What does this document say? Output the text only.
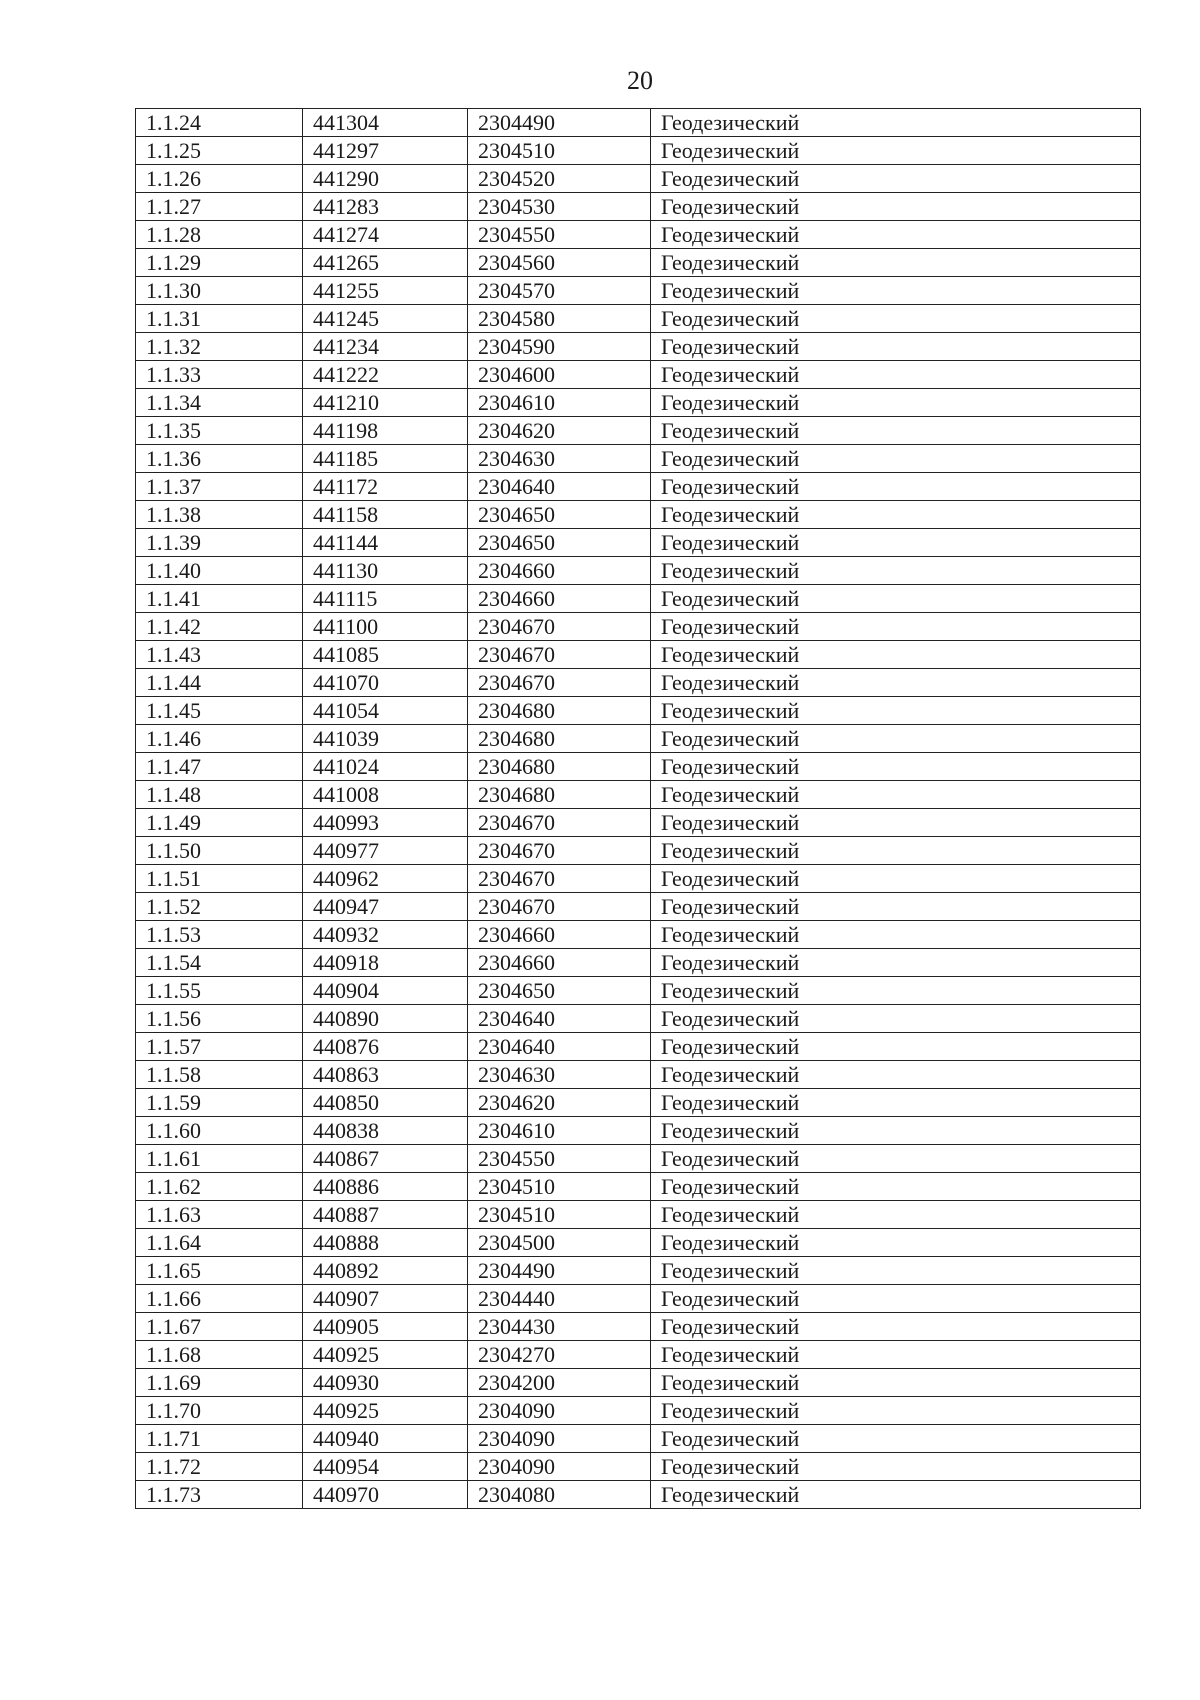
20
1.1.24	441304	2304490	Геодезический
1.1.25	441297	2304510	Геодезический
1.1.26	441290	2304520	Геодезический
1.1.27	441283	2304530	Геодезический
1.1.28	441274	2304550	Геодезический
1.1.29	441265	2304560	Геодезический
1.1.30	441255	2304570	Геодезический
1.1.31	441245	2304580	Геодезический
1.1.32	441234	2304590	Геодезический
1.1.33	441222	2304600	Геодезический
1.1.34	441210	2304610	Геодезический
1.1.35	441198	2304620	Геодезический
1.1.36	441185	2304630	Геодезический
1.1.37	441172	2304640	Геодезический
1.1.38	441158	2304650	Геодезический
1.1.39	441144	2304650	Геодезический
1.1.40	441130	2304660	Геодезический
1.1.41	441115	2304660	Геодезический
1.1.42	441100	2304670	Геодезический
1.1.43	441085	2304670	Геодезический
1.1.44	441070	2304670	Геодезический
1.1.45	441054	2304680	Геодезический
1.1.46	441039	2304680	Геодезический
1.1.47	441024	2304680	Геодезический
1.1.48	441008	2304680	Геодезический
1.1.49	440993	2304670	Геодезический
1.1.50	440977	2304670	Геодезический
1.1.51	440962	2304670	Геодезический
1.1.52	440947	2304670	Геодезический
1.1.53	440932	2304660	Геодезический
1.1.54	440918	2304660	Геодезический
1.1.55	440904	2304650	Геодезический
1.1.56	440890	2304640	Геодезический
1.1.57	440876	2304640	Геодезический
1.1.58	440863	2304630	Геодезический
1.1.59	440850	2304620	Геодезический
1.1.60	440838	2304610	Геодезический
1.1.61	440867	2304550	Геодезический
1.1.62	440886	2304510	Геодезический
1.1.63	440887	2304510	Геодезический
1.1.64	440888	2304500	Геодезический
1.1.65	440892	2304490	Геодезический
1.1.66	440907	2304440	Геодезический
1.1.67	440905	2304430	Геодезический
1.1.68	440925	2304270	Геодезический
1.1.69	440930	2304200	Геодезический
1.1.70	440925	2304090	Геодезический
1.1.71	440940	2304090	Геодезический
1.1.72	440954	2304090	Геодезический
1.1.73	440970	2304080	Геодезический
